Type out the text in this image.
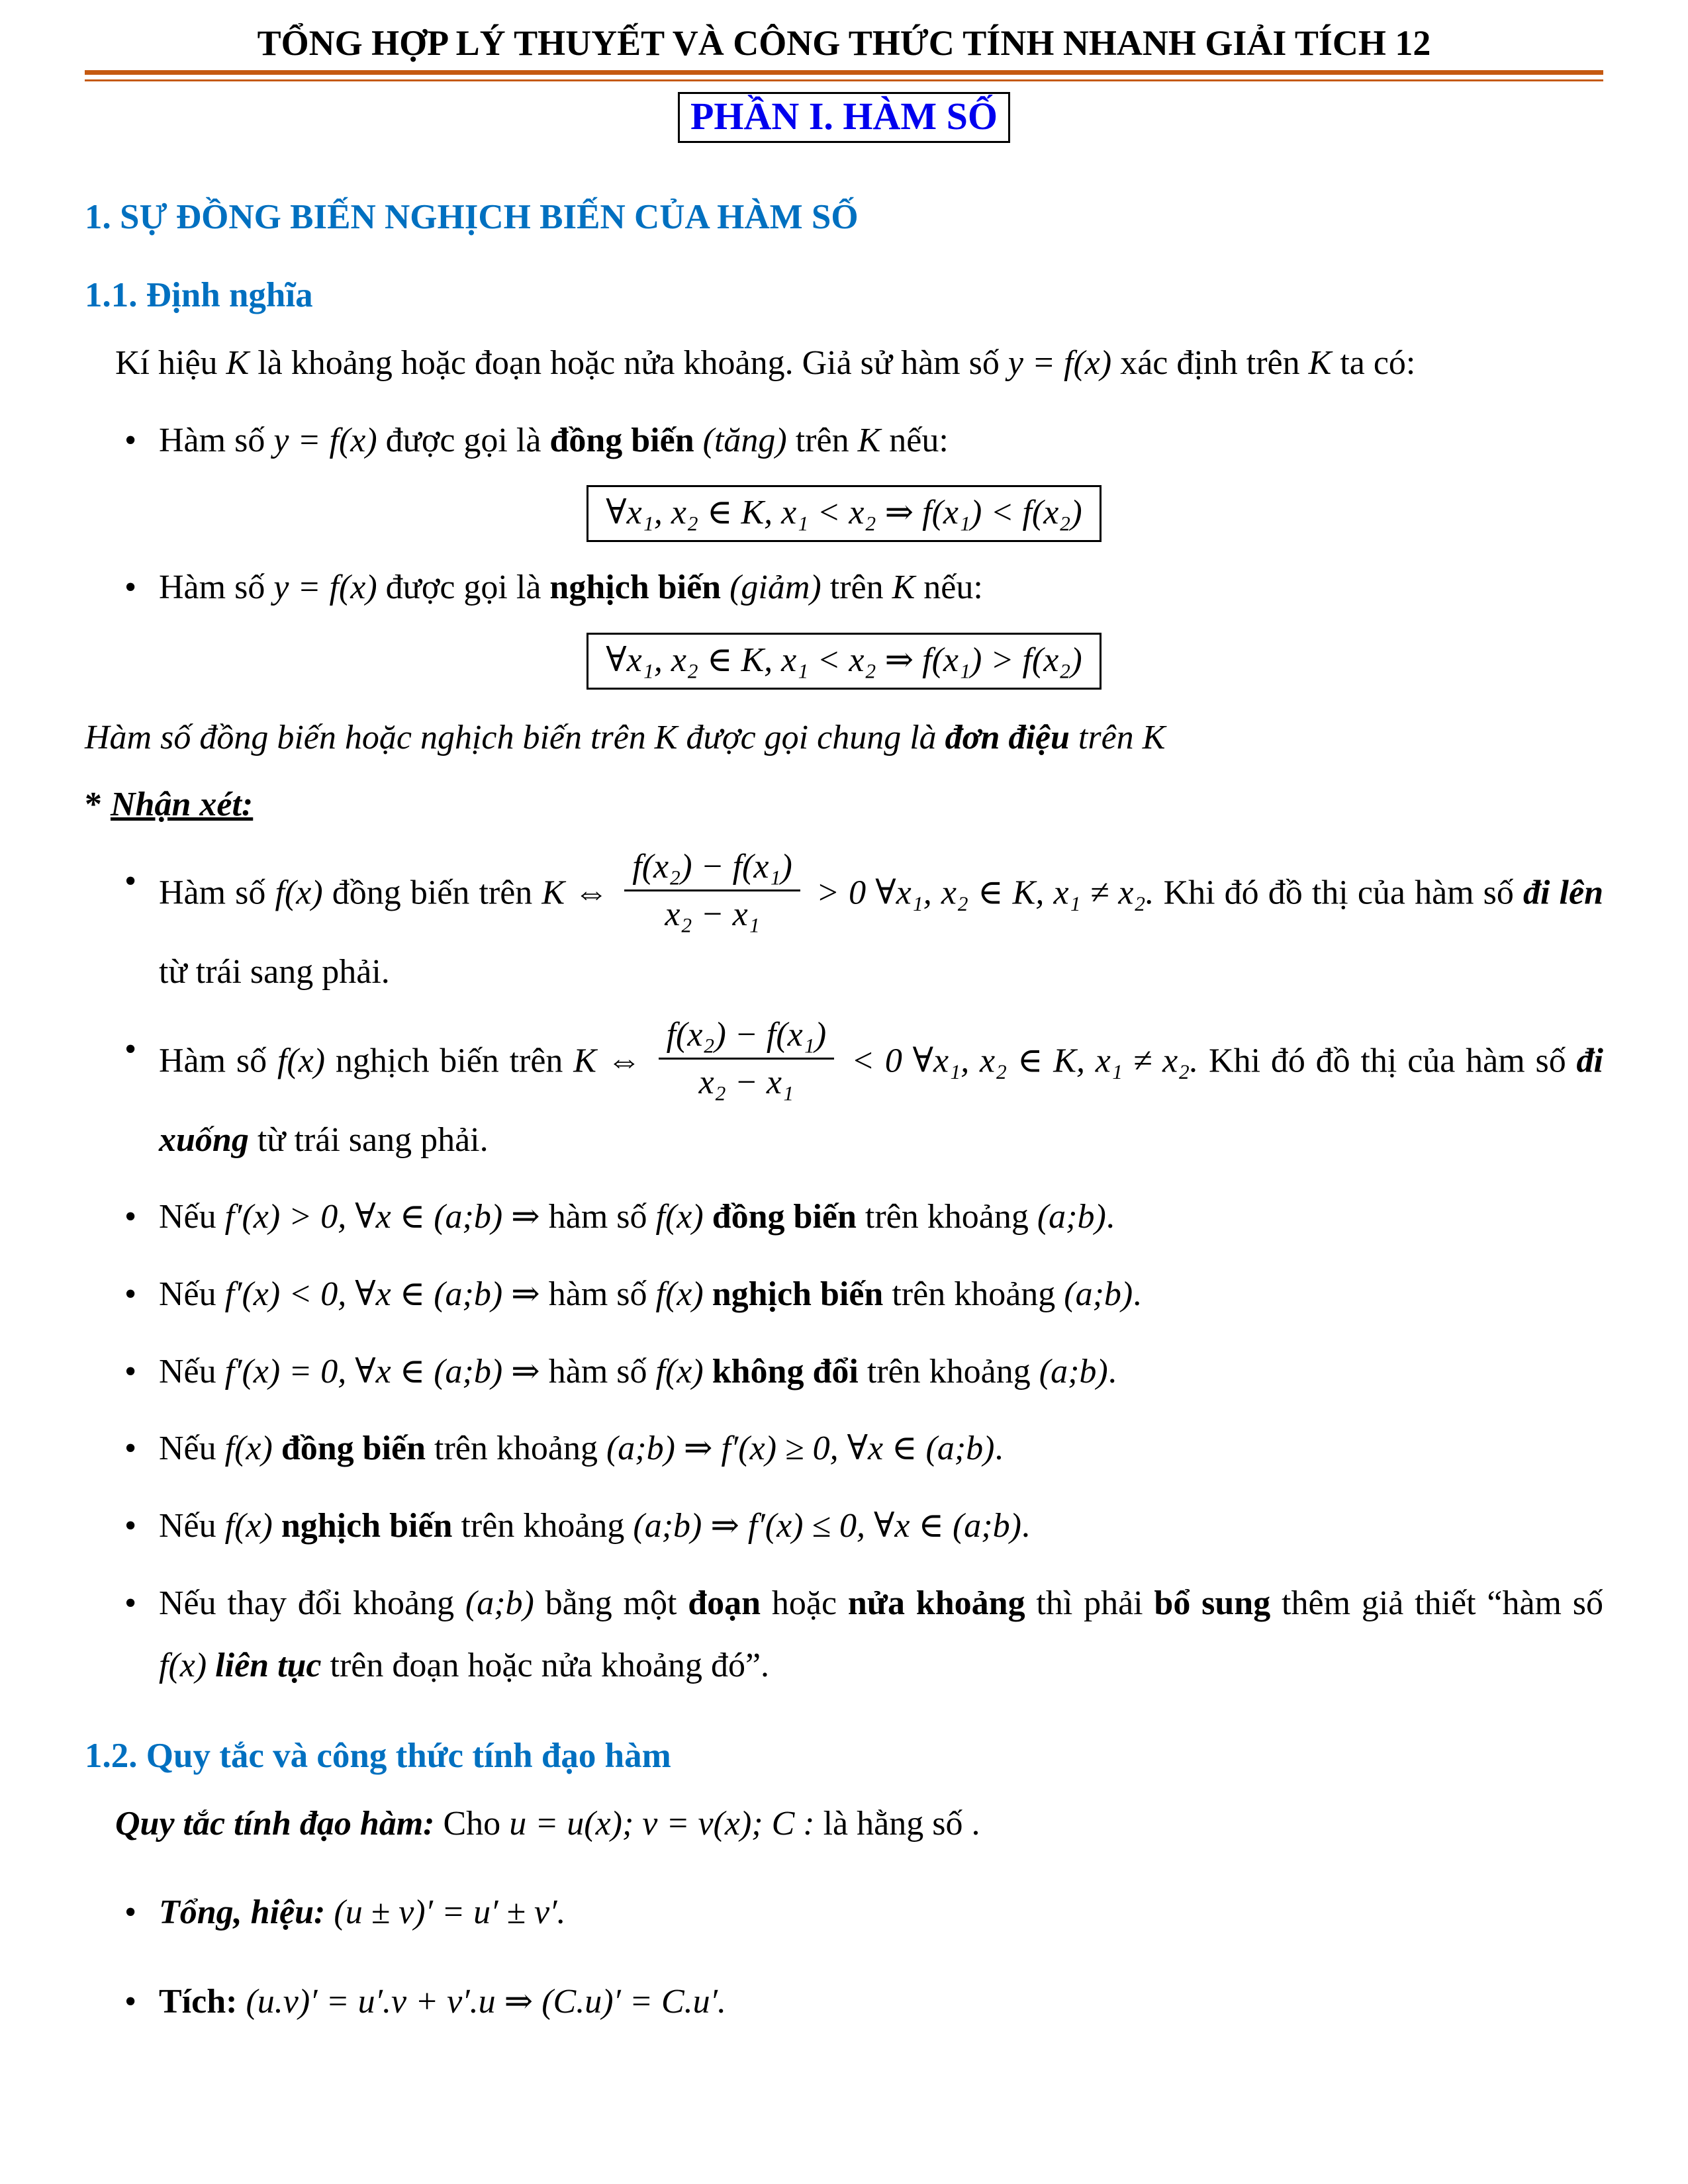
TỔNG HỢP LÝ THUYẾT VÀ CÔNG THỨC TÍNH NHANH GIẢI TÍCH 12
PHẦN I. HÀM SỐ
1. SỰ ĐỒNG BIẾN NGHỊCH BIẾN CỦA HÀM SỐ
1.1. Định nghĩa
Kí hiệu K là khoảng hoặc đoạn hoặc nửa khoảng. Giả sử hàm số y = f(x) xác định trên K ta có:
• Hàm số y = f(x) được gọi là đồng biến (tăng) trên K nếu:
∀x₁, x₂ ∈ K, x₁ < x₂ ⇒ f(x₁) < f(x₂)
• Hàm số y = f(x) được gọi là nghịch biến (giảm) trên K nếu:
∀x₁, x₂ ∈ K, x₁ < x₂ ⇒ f(x₁) > f(x₂)
Hàm số đồng biến hoặc nghịch biến trên K được gọi chung là đơn điệu trên K
* Nhận xét:
• Hàm số f(x) đồng biến trên K ⇔ $\frac{\text{f(x₂) − f(x₁)}}{\text{x₂ − x₁}} > 0$ ∀x₁, x₂ ∈ K, x₁ ≠ x₂. Khi đó đồ thị của hàm số đi lên từ trái sang phải.
• Hàm số f(x) nghịch biến trên K ⇔ $\frac{\text{f(x₂) − f(x₁)}}{\text{x₂ − x₁}} < 0$ ∀x₁, x₂ ∈ K, x₁ ≠ x₂. Khi đó đồ thị của hàm số đi xuống từ trái sang phải.
• Nếu f′(x) > 0, ∀x ∈ (a;b) ⇒ hàm số f(x) đồng biến trên khoảng (a;b).
• Nếu f′(x) < 0, ∀x ∈ (a;b) ⇒ hàm số f(x) nghịch biến trên khoảng (a;b).
• Nếu f′(x) = 0, ∀x ∈ (a;b) ⇒ hàm số f(x) không đổi trên khoảng (a;b).
• Nếu f(x) đồng biến trên khoảng (a;b) ⇒ f′(x) ≥ 0, ∀x ∈ (a;b).
• Nếu f(x) nghịch biến trên khoảng (a;b) ⇒ f′(x) ≤ 0, ∀x ∈ (a;b).
• Nếu thay đổi khoảng (a;b) bằng một đoạn hoặc nửa khoảng thì phải bổ sung thêm giả thiết “hàm số f(x) liên tục trên đoạn hoặc nửa khoảng đó”.
1.2. Quy tắc và công thức tính đạo hàm
Quy tắc tính đạo hàm: Cho u = u(x); v = v(x); C : là hằng số .
• Tổng, hiệu: (u ± v)′ = u′ ± v′.
• Tích: (u.v)′ = u′.v + v′.u ⇒ (C.u)′ = C.u′.
